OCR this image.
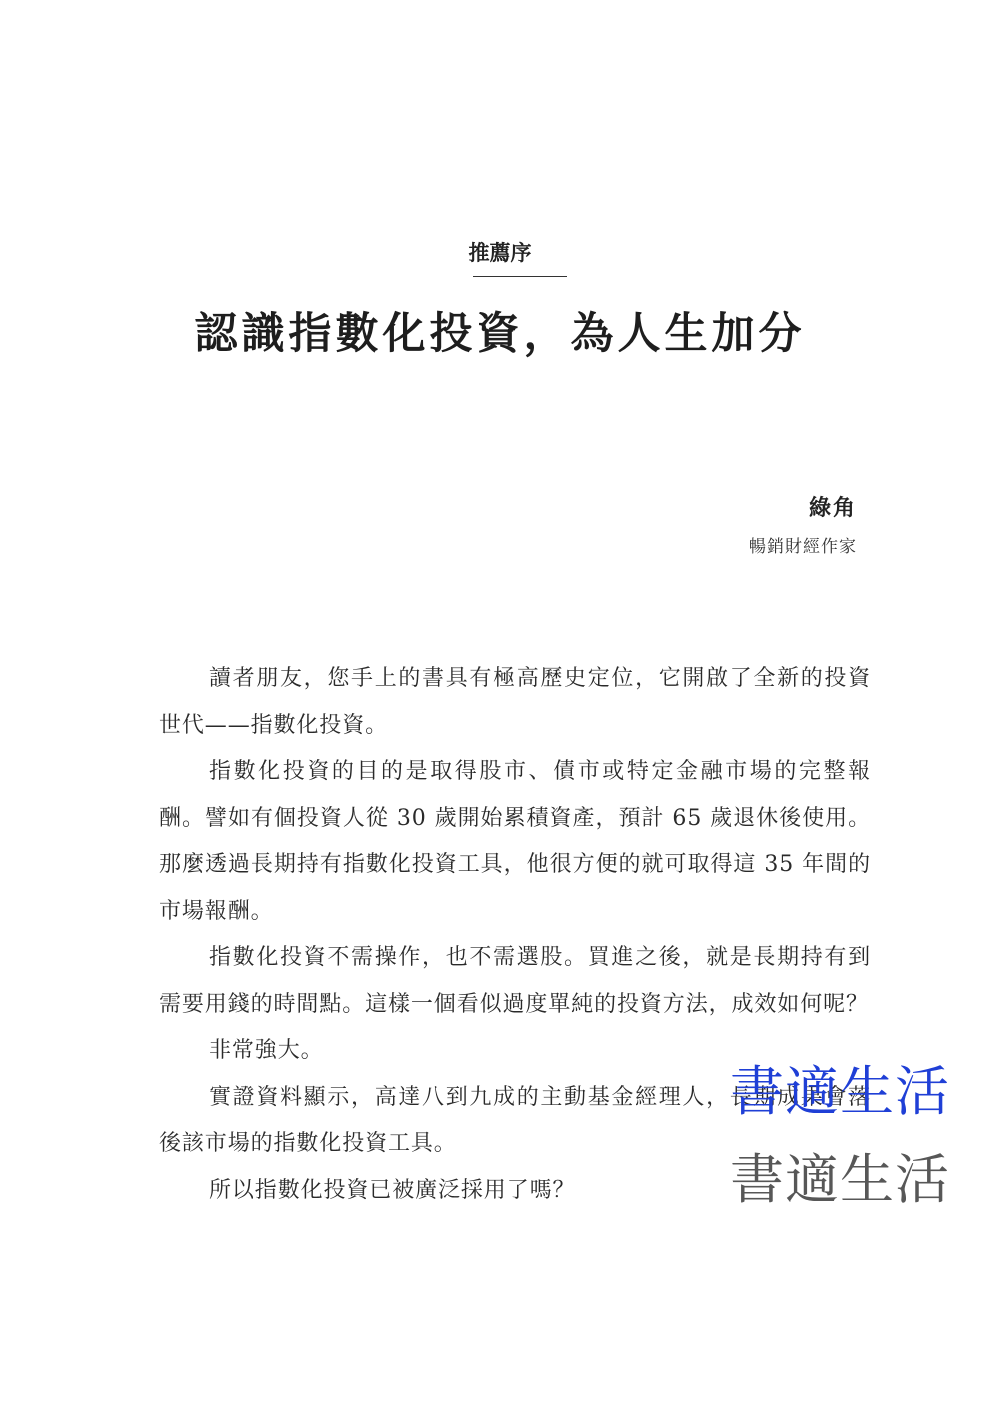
推薦序
認識指數化投資，為人生加分
綠角
暢銷財經作家

讀者朋友，您手上的書具有極高歷史定位，它開啟了全新的投資世代——指數化投資。

指數化投資的目的是取得股市、債市或特定金融市場的完整報酬。譬如有個投資人從 30 歲開始累積資產，預計 65 歲退休後使用。那麼透過長期持有指數化投資工具，他很方便的就可取得這 35 年間的市場報酬。

指數化投資不需操作，也不需選股。買進之後，就是長期持有到需要用錢的時間點。這樣一個看似過度單純的投資方法，成效如何呢？

非常強大。

實證資料顯示，高達八到九成的主動基金經理人，長期成果會落後該市場的指數化投資工具。

所以指數化投資已被廣泛採用了嗎？

書適生活
書適生活
